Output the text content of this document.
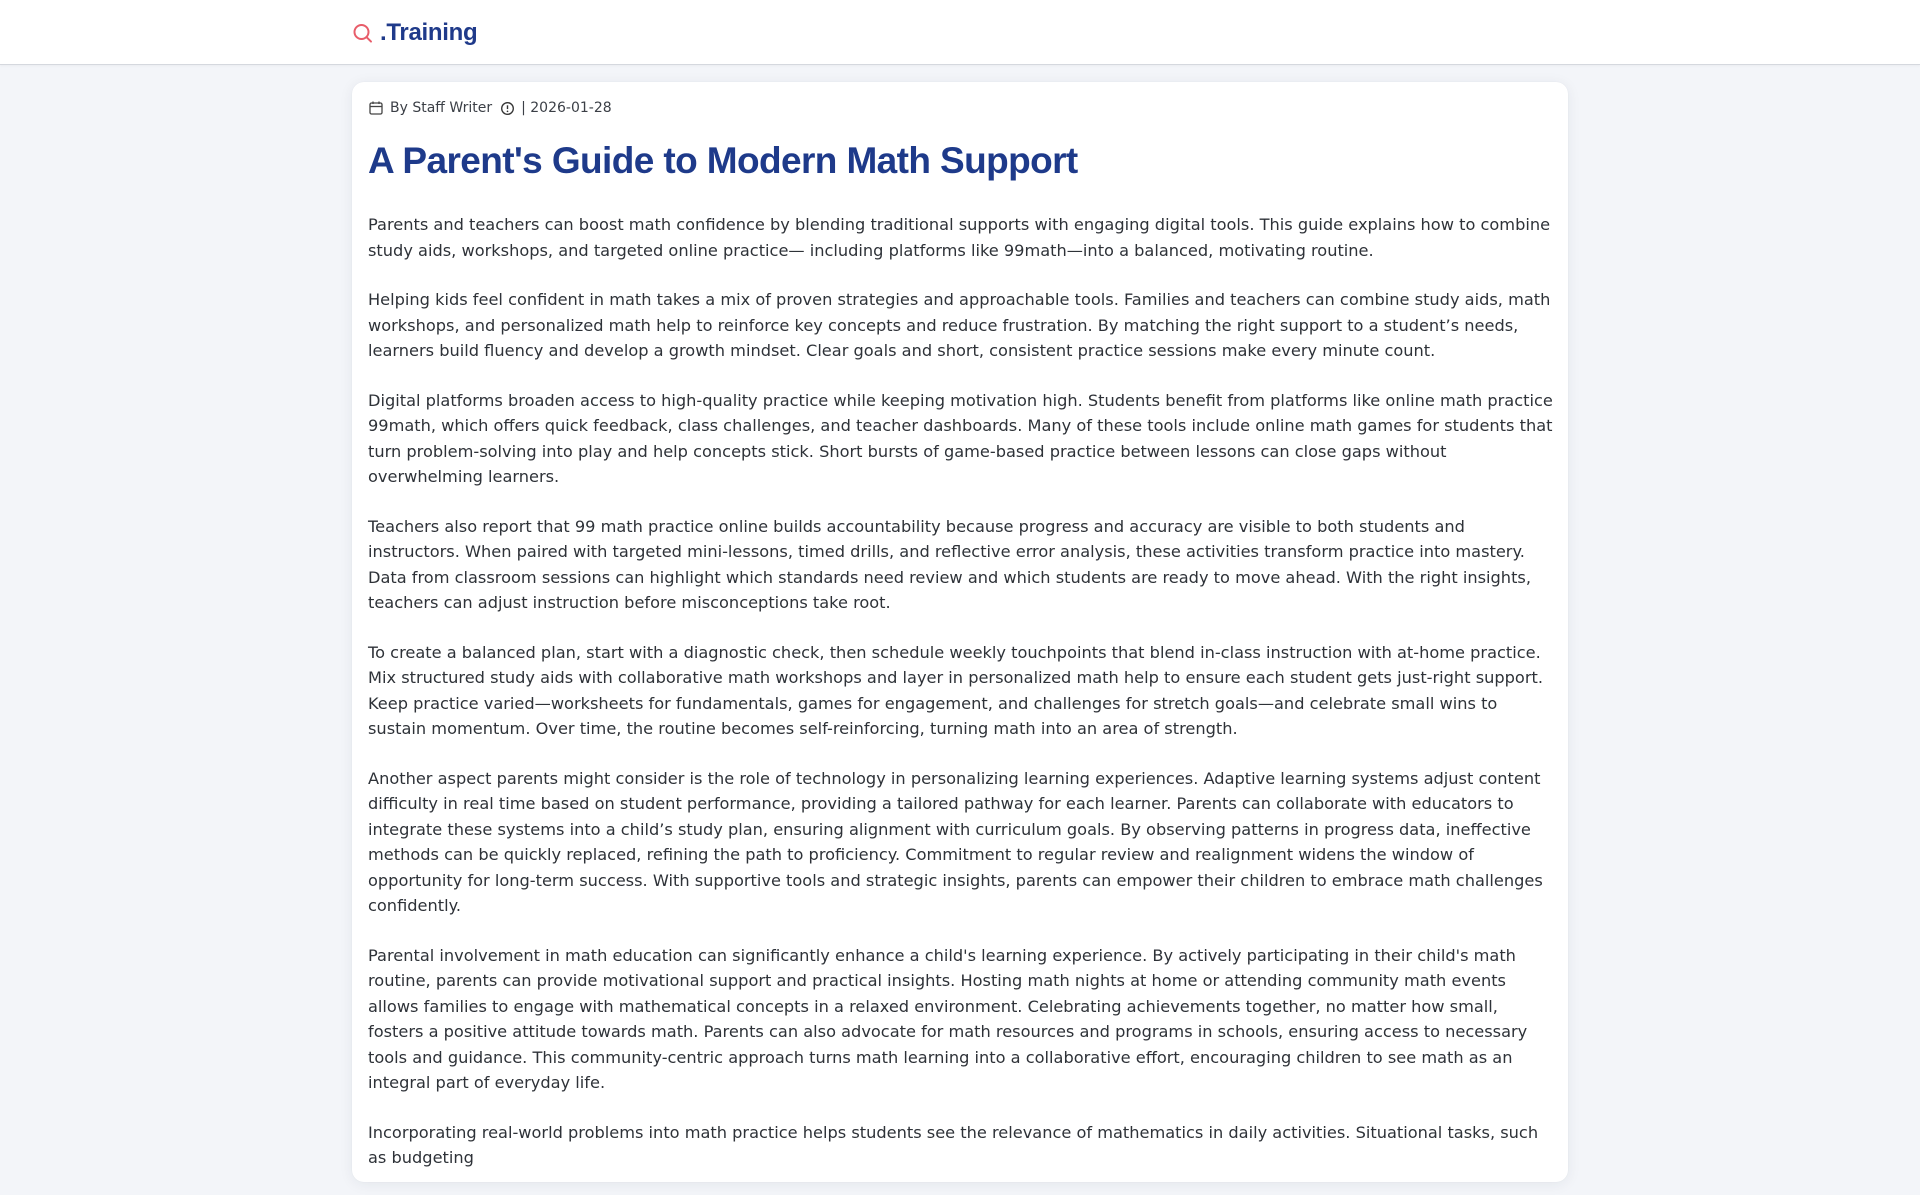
.Training
By Staff Writer | 2026-01-28
A Parent's Guide to Modern Math Support

Parents and teachers can boost math confidence by blending traditional supports with engaging digital tools. This guide explains how to combine study aids, workshops, and targeted online practice— including platforms like 99math—into a balanced, motivating routine.

Helping kids feel confident in math takes a mix of proven strategies and approachable tools. Families and teachers can combine study aids, math workshops, and personalized math help to reinforce key concepts and reduce frustration. By matching the right support to a student’s needs, learners build fluency and develop a growth mindset. Clear goals and short, consistent practice sessions make every minute count.

Digital platforms broaden access to high-quality practice while keeping motivation high. Students benefit from platforms like online math practice 99math, which offers quick feedback, class challenges, and teacher dashboards. Many of these tools include online math games for students that turn problem-solving into play and help concepts stick. Short bursts of game-based practice between lessons can close gaps without overwhelming learners.

Teachers also report that 99 math practice online builds accountability because progress and accuracy are visible to both students and instructors. When paired with targeted mini-lessons, timed drills, and reflective error analysis, these activities transform practice into mastery. Data from classroom sessions can highlight which standards need review and which students are ready to move ahead. With the right insights, teachers can adjust instruction before misconceptions take root.

To create a balanced plan, start with a diagnostic check, then schedule weekly touchpoints that blend in-class instruction with at-home practice. Mix structured study aids with collaborative math workshops and layer in personalized math help to ensure each student gets just-right support. Keep practice varied—worksheets for fundamentals, games for engagement, and challenges for stretch goals—and celebrate small wins to sustain momentum. Over time, the routine becomes self-reinforcing, turning math into an area of strength.

Another aspect parents might consider is the role of technology in personalizing learning experiences. Adaptive learning systems adjust content difficulty in real time based on student performance, providing a tailored pathway for each learner. Parents can collaborate with educators to integrate these systems into a child’s study plan, ensuring alignment with curriculum goals. By observing patterns in progress data, ineffective methods can be quickly replaced, refining the path to proficiency. Commitment to regular review and realignment widens the window of opportunity for long-term success. With supportive tools and strategic insights, parents can empower their children to embrace math challenges confidently.

Parental involvement in math education can significantly enhance a child's learning experience. By actively participating in their child's math routine, parents can provide motivational support and practical insights. Hosting math nights at home or attending community math events allows families to engage with mathematical concepts in a relaxed environment. Celebrating achievements together, no matter how small, fosters a positive attitude towards math. Parents can also advocate for math resources and programs in schools, ensuring access to necessary tools and guidance. This community-centric approach turns math learning into a collaborative effort, encouraging children to see math as an integral part of everyday life.

Incorporating real-world problems into math practice helps students see the relevance of mathematics in daily activities. Situational tasks, such as budgeting
